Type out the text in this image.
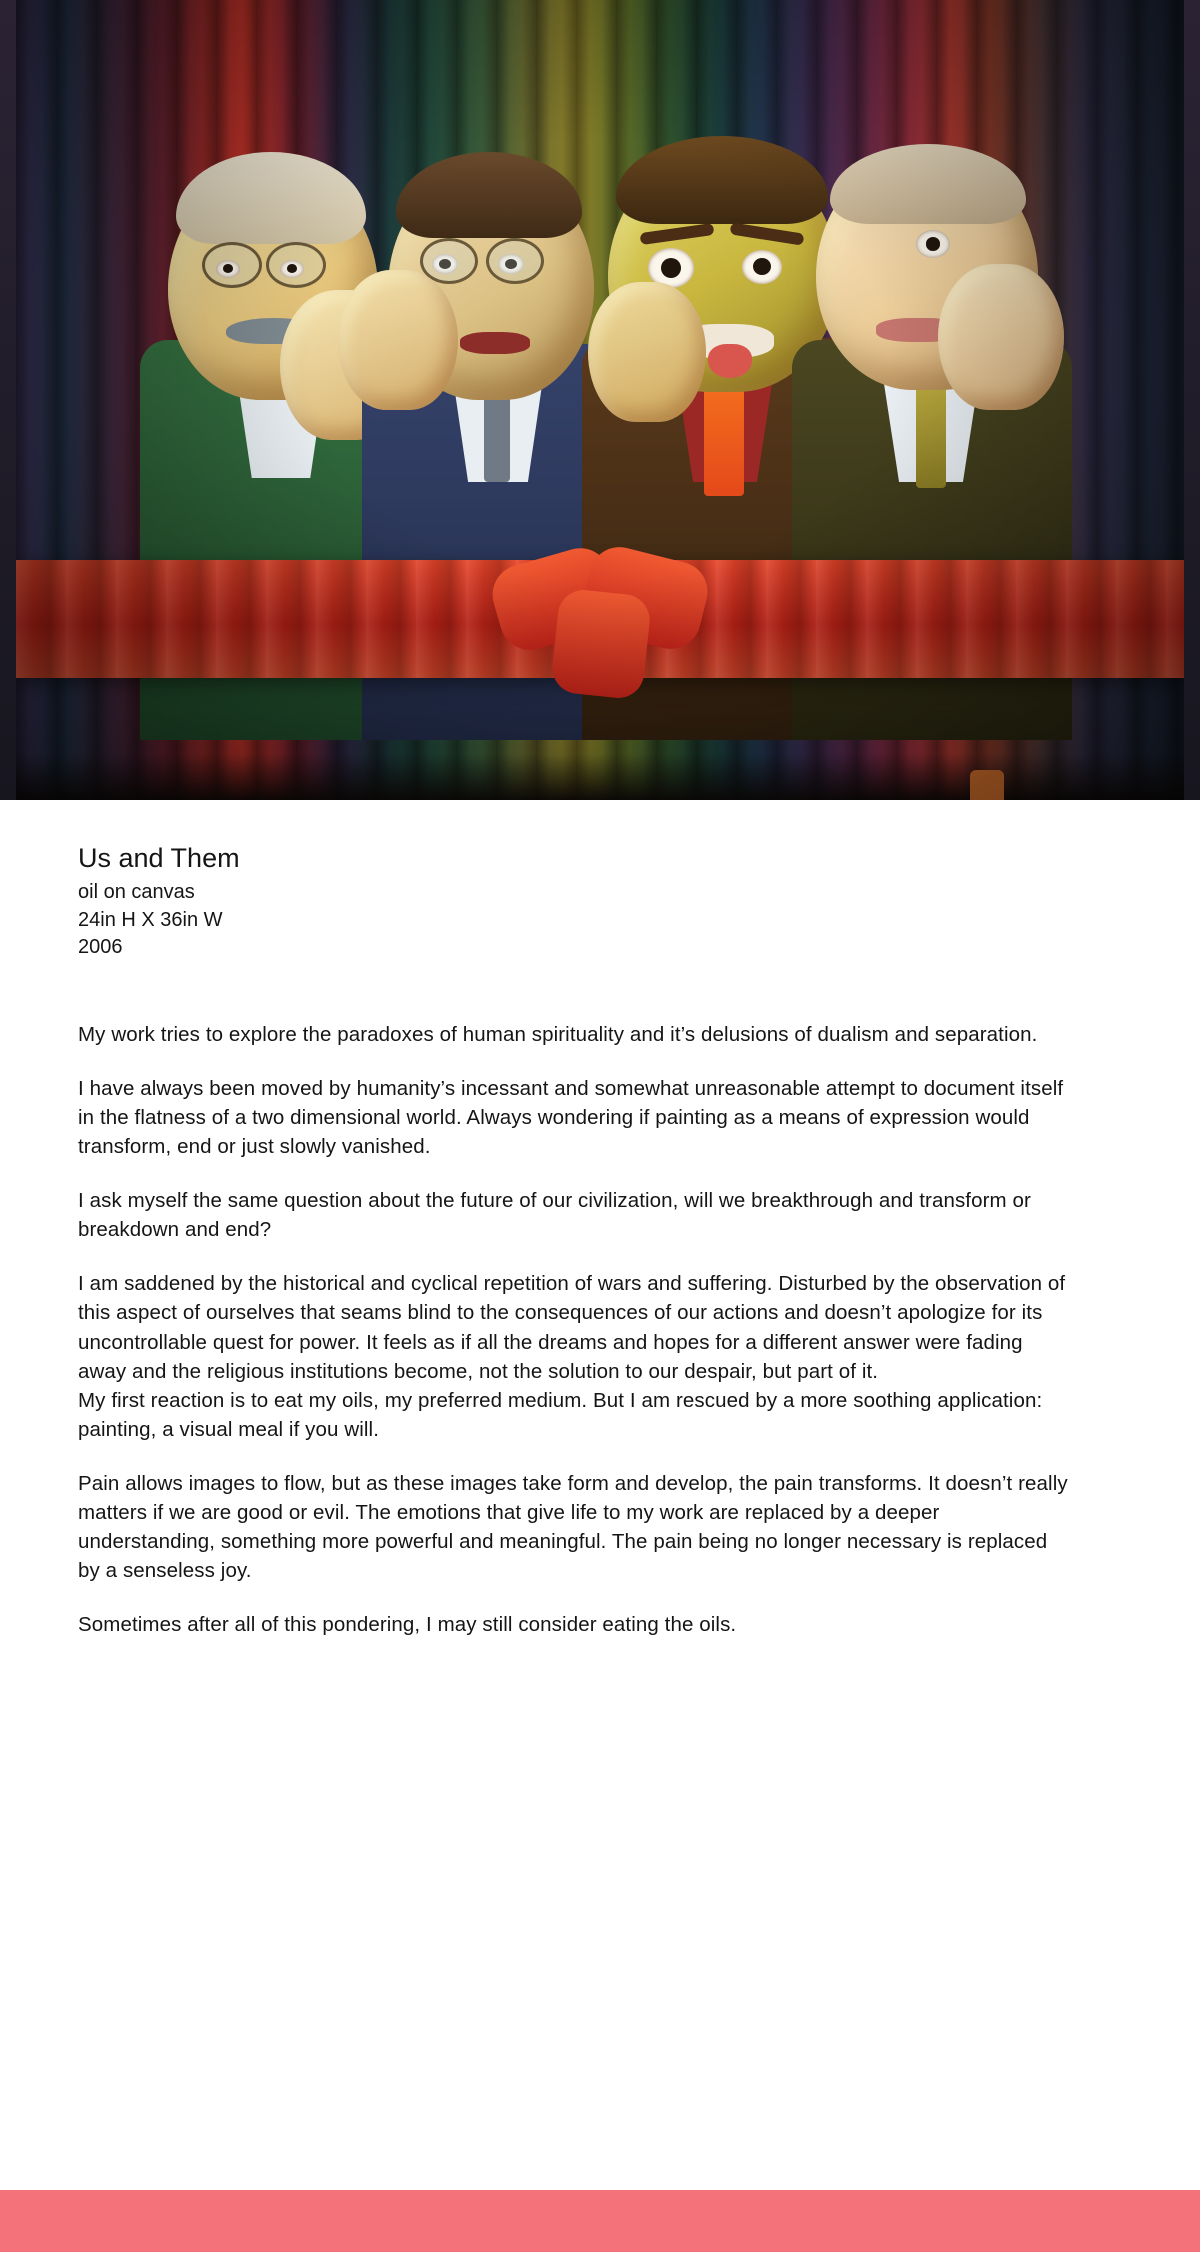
Us and Them
oil on canvas
24in H X 36in W
2006

My work tries to explore the paradoxes of human spirituality and it’s delusions of dualism and separation.

I have always been moved by humanity’s incessant and somewhat unreasonable attempt to document itself in the flatness of a two dimensional world. Always wondering if painting as a means of expression would transform, end or just slowly vanished.

I ask myself the same question about the future of our civilization, will we breakthrough and transform or breakdown and end?

I am saddened by the historical and cyclical repetition of wars and suffering. Disturbed by the observation of this aspect of ourselves that seams blind to the consequences of our actions and doesn’t apologize for its uncontrollable quest for power. It feels as if all the dreams and hopes for a different answer were fading away and the religious institutions become, not the solution to our despair, but part of it.

My first reaction is to eat my oils, my preferred medium. But I am rescued by a more soothing application: painting, a visual meal if you will.

Pain allows images to flow, but as these images take form and develop, the pain transforms. It doesn’t really matters if we are good or evil. The emotions that give life to my work are replaced by a deeper understanding, something more powerful and meaningful. The pain being no longer necessary is replaced by a senseless joy.

Sometimes after all of this pondering, I may still consider eating the oils.
